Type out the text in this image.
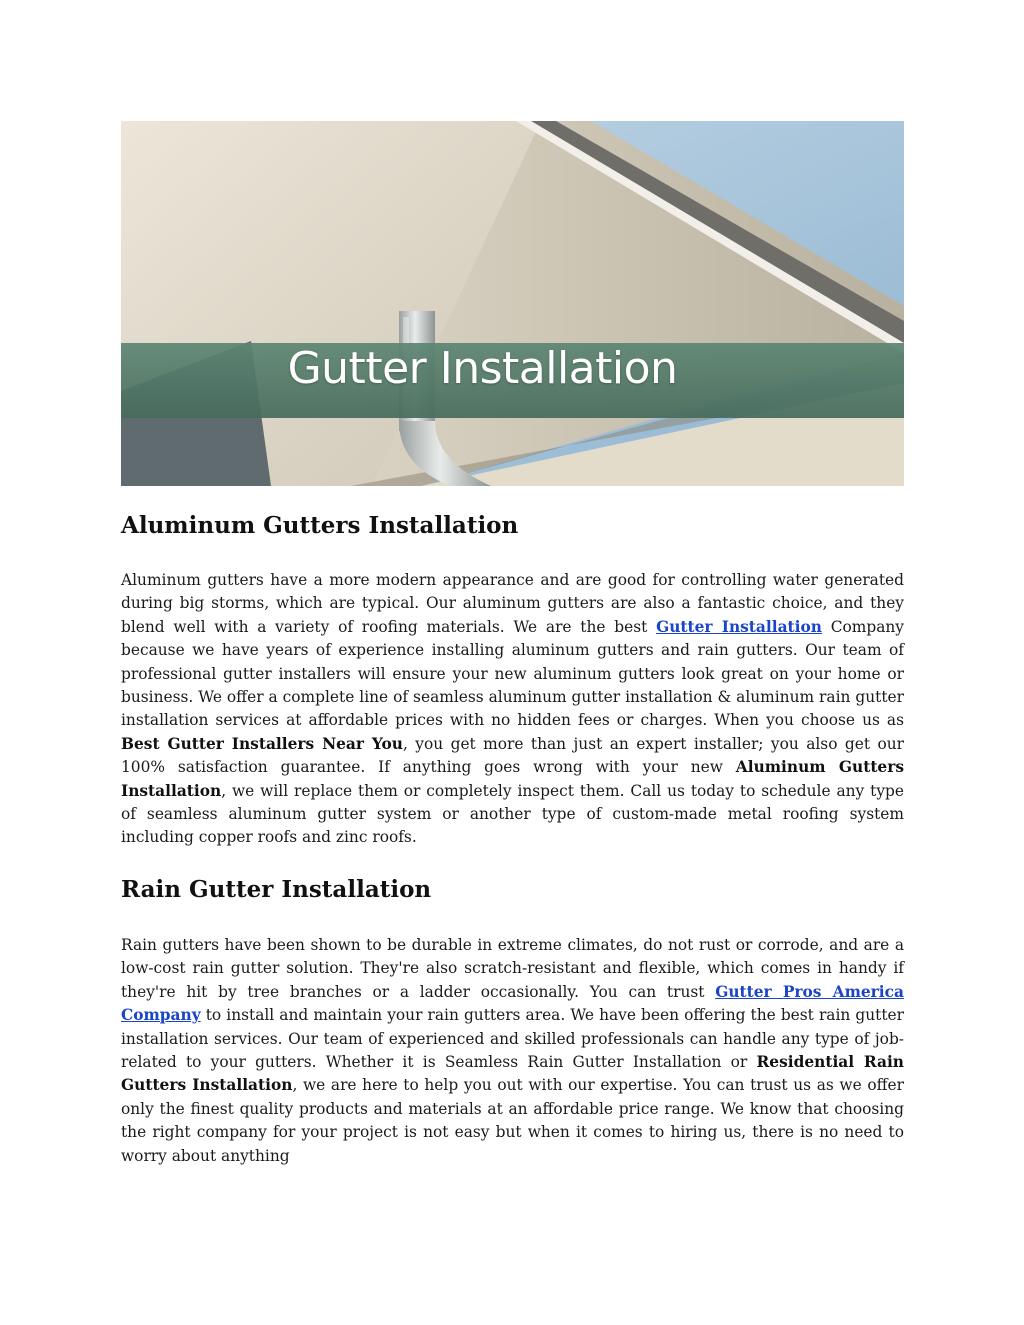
Gutter Installation
Aluminum Gutters Installation

Aluminum gutters have a more modern appearance and are good for controlling water generated during big storms, which are typical. Our aluminum gutters are also a fantastic choice, and they blend well with a variety of roofing materials. We are the best Gutter Installation Company because we have years of experience installing aluminum gutters and rain gutters. Our team of professional gutter installers will ensure your new aluminum gutters look great on your home or business. We offer a complete line of seamless aluminum gutter installation & aluminum rain gutter installation services at affordable prices with no hidden fees or charges. When you choose us as Best Gutter Installers Near You, you get more than just an expert installer; you also get our 100% satisfaction guarantee. If anything goes wrong with your new Aluminum Gutters Installation, we will replace them or completely inspect them. Call us today to schedule any type of seamless aluminum gutter system or another type of custom-made metal roofing system including copper roofs and zinc roofs.

Rain Gutter Installation

Rain gutters have been shown to be durable in extreme climates, do not rust or corrode, and are a low-cost rain gutter solution. They're also scratch-resistant and flexible, which comes in handy if they're hit by tree branches or a ladder occasionally. You can trust Gutter Pros America Company to install and maintain your rain gutters area. We have been offering the best rain gutter installation services. Our team of experienced and skilled professionals can handle any type of job-related to your gutters. Whether it is Seamless Rain Gutter Installation or Residential Rain Gutters Installation, we are here to help you out with our expertise. You can trust us as we offer only the finest quality products and materials at an affordable price range. We know that choosing the right company for your project is not easy but when it comes to hiring us, there is no need to worry about anything
